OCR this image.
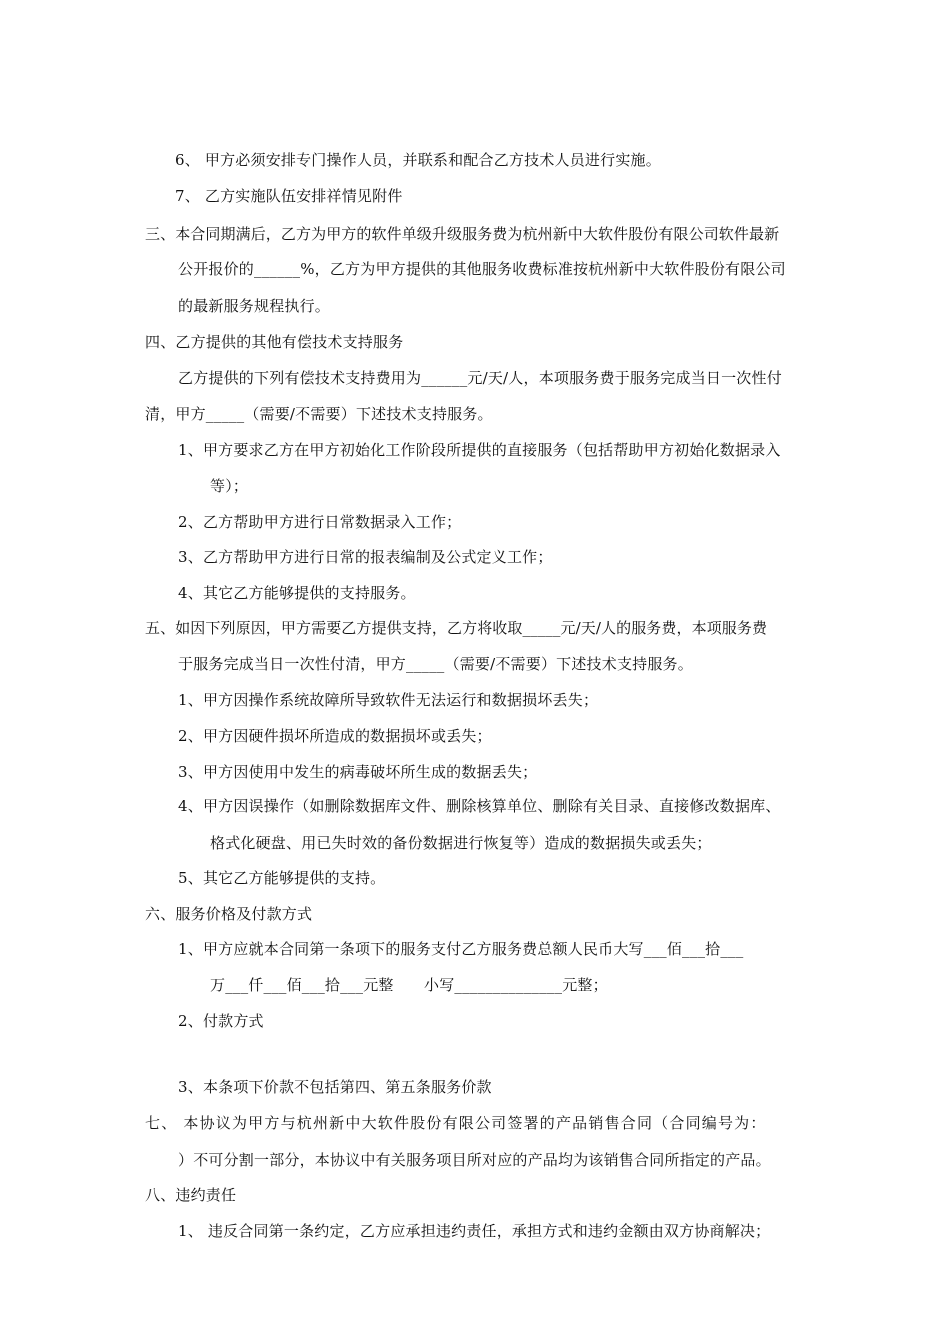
6、 甲方必须安排专门操作人员，并联系和配合乙方技术人员进行实施。
7、 乙方实施队伍安排祥情见附件
三、本合同期满后，乙方为甲方的软件单级升级服务费为杭州新中大软件股份有限公司软件最新
公开报价的______%，乙方为甲方提供的其他服务收费标准按杭州新中大软件股份有限公司
的最新服务规程执行。
四、乙方提供的其他有偿技术支持服务
乙方提供的下列有偿技术支持费用为______元/天/人，本项服务费于服务完成当日一次性付
清，甲方_____（需要/不需要）下述技术支持服务。
1、甲方要求乙方在甲方初始化工作阶段所提供的直接服务（包括帮助甲方初始化数据录入
等）；
2、乙方帮助甲方进行日常数据录入工作；
3、乙方帮助甲方进行日常的报表编制及公式定义工作；
4、其它乙方能够提供的支持服务。
五、如因下列原因，甲方需要乙方提供支持，乙方将收取_____元/天/人的服务费，本项服务费
于服务完成当日一次性付清，甲方_____（需要/不需要）下述技术支持服务。
1、甲方因操作系统故障所导致软件无法运行和数据损坏丢失；
2、甲方因硬件损坏所造成的数据损坏或丢失；
3、甲方因使用中发生的病毒破坏所生成的数据丢失；
4、甲方因误操作（如删除数据库文件、删除核算单位、删除有关目录、直接修改数据库、
格式化硬盘、用已失时效的备份数据进行恢复等）造成的数据损失或丢失；
5、其它乙方能够提供的支持。
六、服务价格及付款方式
1、甲方应就本合同第一条项下的服务支付乙方服务费总额人民币大写___佰___拾___
万___仟___佰___拾___元整　　小写______________元整；
2、付款方式
3、本条项下价款不包括第四、第五条服务价款
七、 本协议为甲方与杭州新中大软件股份有限公司签署的产品销售合同（合同编号为：
）不可分割一部分，本协议中有关服务项目所对应的产品均为该销售合同所指定的产品。
八、违约责任
1、 违反合同第一条约定，乙方应承担违约责任，承担方式和违约金额由双方协商解决；
